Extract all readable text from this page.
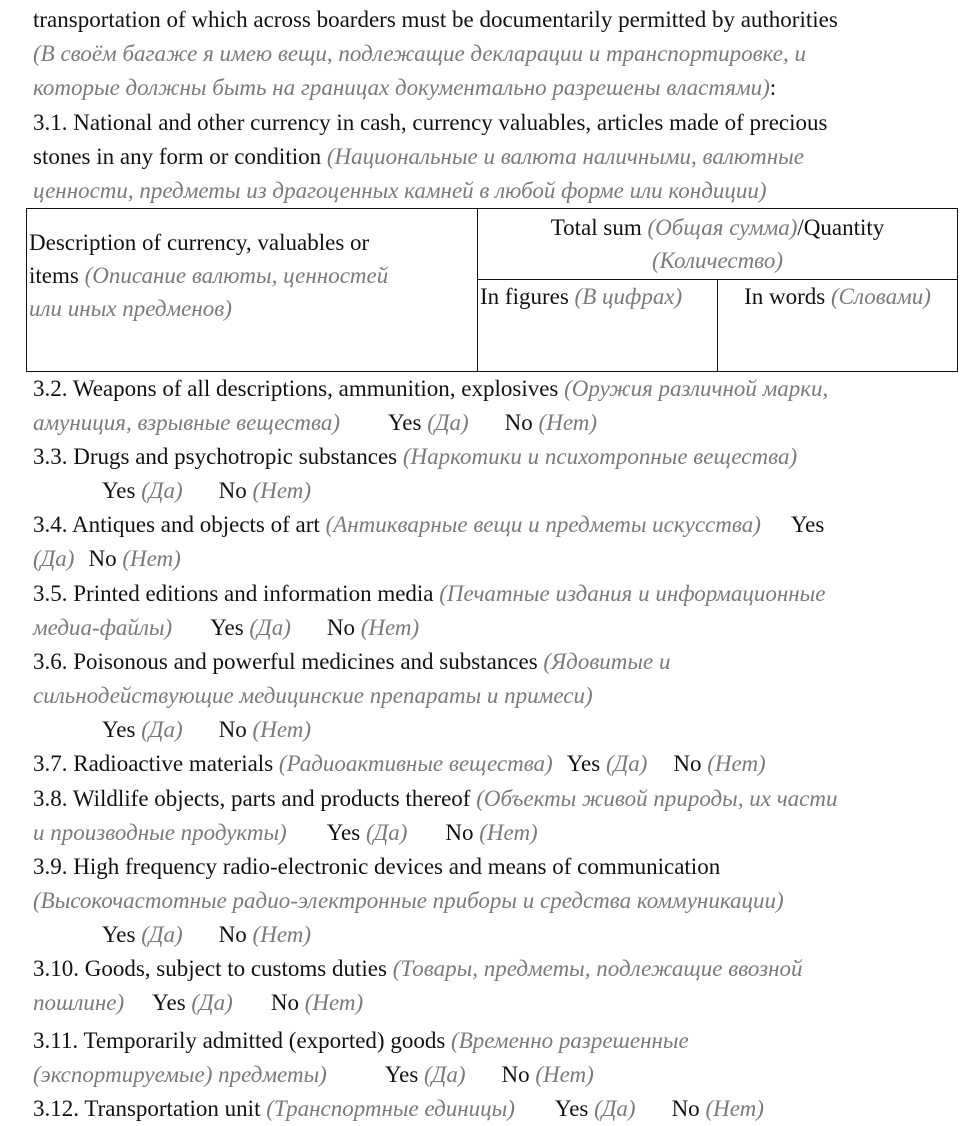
transportation of which across boarders must be documentarily permitted by authorities
(В своём багаже я имею вещи, подлежащие декларации и транспортировке, и
которые должны быть на границах документально разрешены властями):
3.1. National and other currency in cash, currency valuables, articles made of precious
stones in any form or condition (Национальные и валюта наличными, валютные
ценности, предметы из драгоценных камней в любой форме или кондиции)
Description of currency, valuables or
items (Описание валюты, ценностей
или иных предменов)	Total sum (Общая сумма)/Quantity
(Количество)	
	In figures (В цифрах)	In words (Словами)
3.2. Weapons of all descriptions, ammunition, explosives (Оружия различной марки,
амуниция, взрывные вещества) Yes (Да) No (Нет)
3.3. Drugs and psychotropic substances (Наркотики и психотропные вещества)
Yes (Да) No (Нет)
3.4. Antiques and objects of art (Антикварные вещи и предметы искусства) Yes
(Да) No (Нет)
3.5. Printed editions and information media (Печатные издания и информационные
медиа-файлы) Yes (Да) No (Нет)
3.6. Poisonous and powerful medicines and substances (Ядовитые и
сильнодействующие медицинские препараты и примеси)
Yes (Да) No (Нет)
3.7. Radioactive materials (Радиоактивные вещества) Yes (Да) No (Нет)
3.8. Wildlife objects, parts and products thereof (Объекты живой природы, их части
и производные продукты) Yes (Да) No (Нет)
3.9. High frequency radio-electronic devices and means of communication
(Высокочастотные радио-электронные приборы и средства коммуникации)
Yes (Да) No (Нет)
3.10. Goods, subject to customs duties (Товары, предметы, подлежащие ввозной
пошлине) Yes (Да) No (Нет)
3.11. Temporarily admitted (exported) goods (Временно разрешенные
(экспортируемые) предметы)	Yes (Да) No (Нет)
3.12. Transportation unit (Транспортные единицы) Yes (Да) No (Нет)
